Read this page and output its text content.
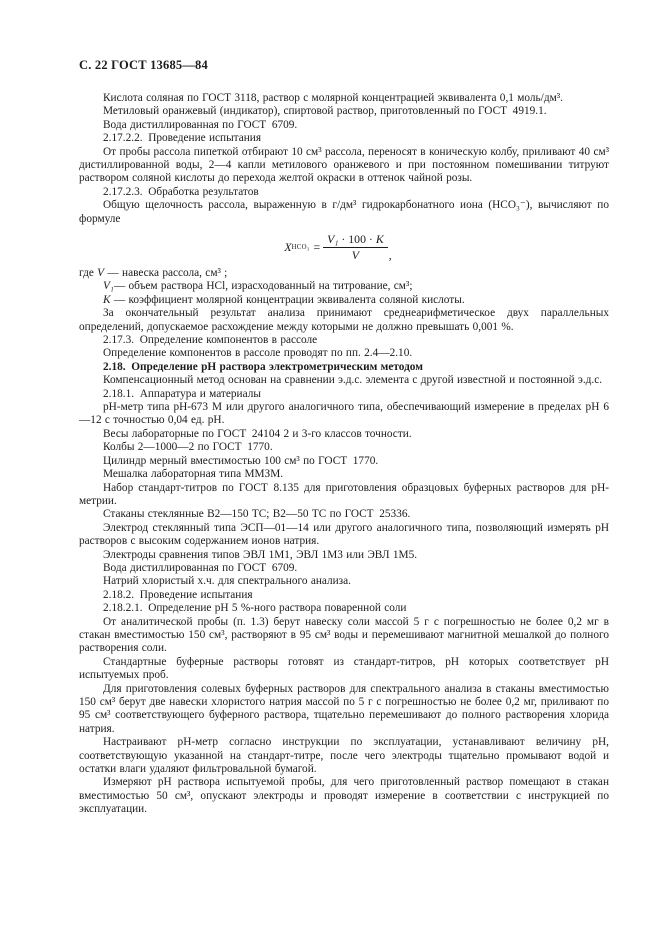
С. 22 ГОСТ 13685—84

Кислота соляная по ГОСТ 3118, раствор с молярной концентрацией эквивалента 0,1 моль/дм³.

Метиловый оранжевый (индикатор), спиртовой раствор, приготовленный по ГОСТ 4919.1.

Вода дистиллированная по ГОСТ 6709.

2.17.2.2. Проведение испытания

От пробы рассола пипеткой отбирают 10 см³ рассола, переносят в коническую колбу, приливают 40 см³ дистиллированной воды, 2—4 капли метилового оранжевого и при постоянном помешивании титруют раствором соляной кислоты до перехода желтой окраски в оттенок чайной розы.

2.17.2.3. Обработка результатов

Общую щелочность рассола, выраженную в г/дм³ гидрокарбонатного иона (НСО₃⁻), вычисляют по формуле

X $НСО_3 = \frac{\text{V₁ · 100 · K}}{V}$ ,

где V — навеска рассола, см³ ;

V₁— объем раствора HCl, израсходованный на титрование, см³;

К — коэффициент молярной концентрации эквивалента соляной кислоты.

За окончательный результат анализа принимают среднеарифметическое двух параллельных определений, допускаемое расхождение между которыми не должно превышать 0,001 %.

2.17.3. Определение компонентов в рассоле

Определение компонентов в рассоле проводят по пп. 2.4—2.10.

2.18. Определение рН раствора электрометрическим методом

Компенсационный метод основан на сравнении э.д.с. элемента с другой известной и постоянной э.д.с.

2.18.1. Аппаратура и материалы

рН-метр типа рН-673 М или другого аналогичного типа, обеспечивающий измерение в пределах рН 6—12 с точностью 0,04 ед. рН.

Весы лабораторные по ГОСТ 24104 2 и 3-го классов точности.

Колбы 2—1000—2 по ГОСТ 1770.

Цилиндр мерный вместимостью 100 см³ по ГОСТ 1770.

Мешалка лабораторная типа ММЗМ.

Набор стандарт-титров по ГОСТ 8.135 для приготовления образцовых буферных растворов для рН-метрии.

Стаканы стеклянные В2—150 ТС; В2—50 ТС по ГОСТ 25336.

Электрод стеклянный типа ЭСП—01—14 или другого аналогичного типа, позволяющий измерять рН растворов с высоким содержанием ионов натрия.

Электроды сравнения типов ЭВЛ 1М1, ЭВЛ 1М3 или ЭВЛ 1М5.

Вода дистиллированная по ГОСТ 6709.

Натрий хлористый х.ч. для спектрального анализа.

2.18.2. Проведение испытания

2.18.2.1. Определение рН 5 %-ного раствора поваренной соли

От аналитической пробы (п. 1.3) берут навеску соли массой 5 г с погрешностью не более 0,2 мг в стакан вместимостью 150 см³, растворяют в 95 см³ воды и перемешивают магнитной мешалкой до полного растворения соли.

Стандартные буферные растворы готовят из стандарт-титров, рН которых соответствует рН испытуемых проб.

Для приготовления солевых буферных растворов для спектрального анализа в стаканы вместимостью 150 см³ берут две навески хлористого натрия массой по 5 г с погрешностью не более 0,2 мг, приливают по 95 см³ соответствующего буферного раствора, тщательно перемешивают до полного растворения хлорида натрия.

Настраивают рН-метр согласно инструкции по эксплуатации, устанавливают величину рН, соответствующую указанной на стандарт-титре, после чего электроды тщательно промывают водой и остатки влаги удаляют фильтровальной бумагой.

Измеряют рН раствора испытуемой пробы, для чего приготовленный раствор помещают в стакан вместимостью 50 см³, опускают электроды и проводят измерение в соответствии с инструкцией по эксплуатации.
